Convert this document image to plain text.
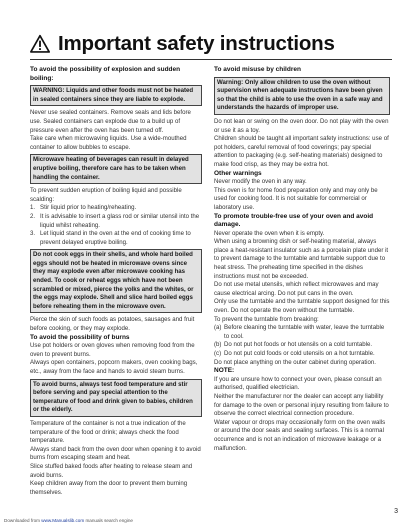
Important safety instructions
To avoid the possibility of explosion and sudden boiling:
WARNING: Liquids and other foods must not be heated in sealed containers since they are liable to explode.
Never use sealed containers. Remove seals and lids before use. Sealed containers can explode due to a build up of pressure even after the oven has been turned off.
Take care when microwaving liquids. Use a wide-mouthed container to allow bubbles to escape.
Microwave heating of beverages can result in delayed eruptive boiling, therefore care has to be taken when handling the container.
To prevent sudden eruption of boiling liquid and possible scalding:
1. Stir liquid prior to heating/reheating.
2. It is advisable to insert a glass rod or similar utensil into the liquid whilst reheating.
3. Let liquid stand in the oven at the end of cooking time to prevent delayed eruptive boiling.
Do not cook eggs in their shells, and whole hard boiled eggs should not be heated in microwave ovens since they may explode even after microwave cooking has ended. To cook or reheat eggs which have not been scrambled or mixed, pierce the yolks and the whites, or the eggs may explode. Shell and slice hard boiled eggs before reheating them in the microwave oven.
Pierce the skin of such foods as potatoes, sausages and fruit before cooking, or they may explode.
To avoid the possibility of burns
Use pot holders or oven gloves when removing food from the oven to prevent burns.
Always open containers, popcorn makers, oven cooking bags, etc., away from the face and hands to avoid steam burns.
To avoid burns, always test food temperature and stir before serving and pay special attention to the temperature of food and drink given to babies, children or the elderly.
Temperature of the container is not a true indication of the temperature of the food or drink; always check the food temperature.
Always stand back from the oven door when opening it to avoid burns from escaping steam and heat.
Slice stuffed baked foods after heating to release steam and avoid burns.
Keep children away from the door to prevent them burning themselves.
To avoid misuse by children
Warning: Only allow children to use the oven without supervision when adequate instructions have been given so that the child is able to use the oven in a safe way and understands the hazards of improper use.
Do not lean or swing on the oven door. Do not play with the oven or use it as a toy.
Children should be taught all important safety instructions: use of pot holders, careful removal of food coverings; pay special attention to packaging (e.g. self-heating materials) designed to make food crisp, as they may be extra hot.
Other warnings
Never modify the oven in any way.
This oven is for home food preparation only and may only be used for cooking food. It is not suitable for commercial or laboratory use.
To promote trouble-free use of your oven and avoid damage.
Never operate the oven when it is empty.
When using a browning dish or self-heating material, always place a heat-resistant insulator such as a porcelain plate under it to prevent damage to the turntable and turntable support due to heat stress. The preheating time specified in the dishes instructions must not be exceeded.
Do not use metal utensils, which reflect microwaves and may cause electrical arcing. Do not put cans in the oven.
Only use the turntable and the turntable support designed for this oven. Do not operate the oven without the turntable.
To prevent the turntable from breaking:
(a) Before cleaning the turntable with water, leave the turntable to cool.
(b) Do not put hot foods or hot utensils on a cold turntable.
(c) Do not put cold foods or cold utensils on a hot turntable.
Do not place anything on the outer cabinet during operation.
NOTE:
If you are unsure how to connect your oven, please consult an authorised, qualified electrician.
Neither the manufacturer nor the dealer can accept any liability for damage to the oven or personal injury resulting from failure to observe the correct electrical connection procedure.
Water vapour or drops may occasionally form on the oven walls or around the door seals and sealing surfaces. This is a normal occurrence and is not an indication of microwave leakage or a malfunction.
3
Downloaded from www.Manualslib.com manuals search engine
